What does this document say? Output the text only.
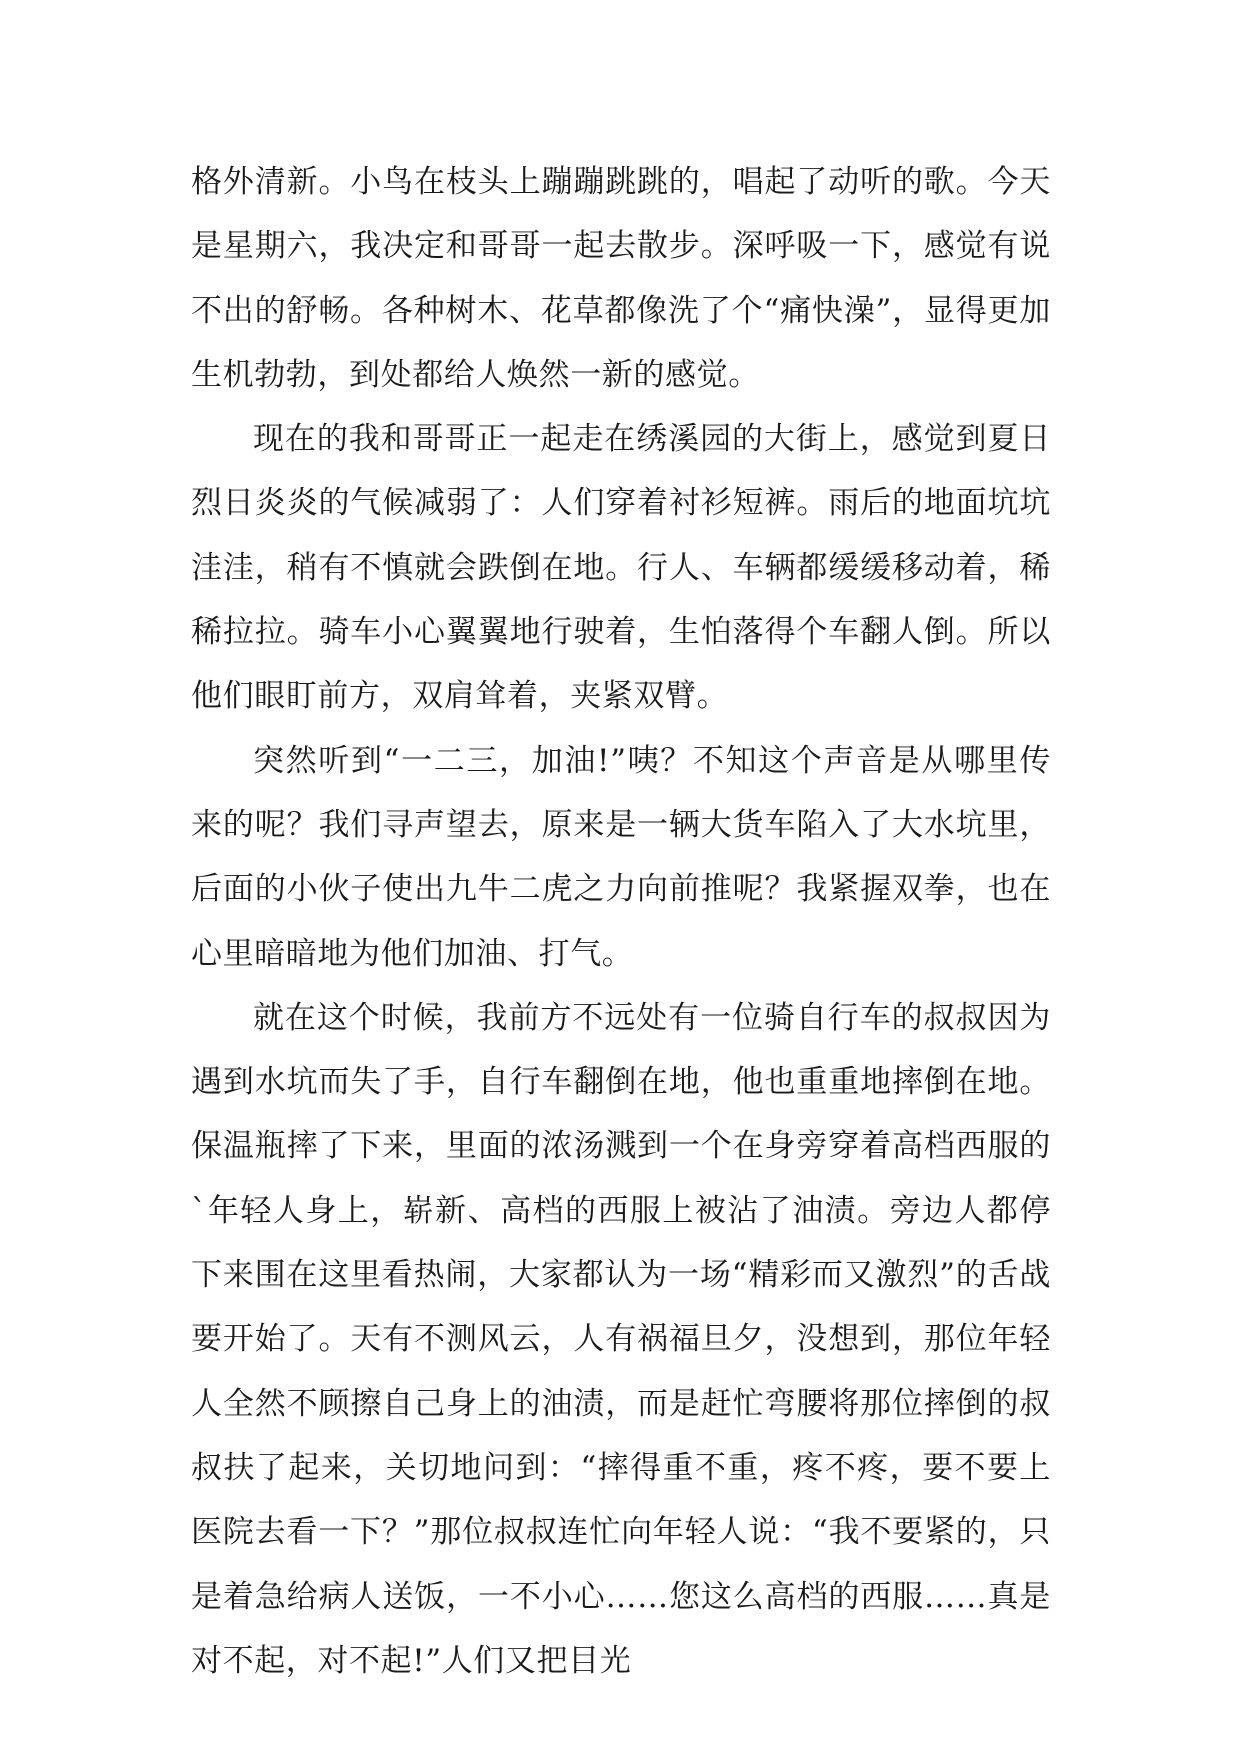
格外清新。小鸟在枝头上蹦蹦跳跳的，唱起了动听的歌。今天是星期六，我决定和哥哥一起去散步。深呼吸一下，感觉有说不出的舒畅。各种树木、花草都像洗了个“痛快澡”，显得更加生机勃勃，到处都给人焕然一新的感觉。

现在的我和哥哥正一起走在绣溪园的大街上，感觉到夏日烈日炎炎的气候减弱了：人们穿着衬衫短裤。雨后的地面坑坑洼洼，稍有不慎就会跌倒在地。行人、车辆都缓缓移动着，稀稀拉拉。骑车小心翼翼地行驶着，生怕落得个车翻人倒。所以他们眼盯前方，双肩耸着，夹紧双臂。

突然听到“一二三，加油!”咦？不知这个声音是从哪里传来的呢？我们寻声望去，原来是一辆大货车陷入了大水坑里，后面的小伙子使出九牛二虎之力向前推呢？我紧握双拳，也在心里暗暗地为他们加油、打气。

就在这个时候，我前方不远处有一位骑自行车的叔叔因为遇到水坑而失了手，自行车翻倒在地，他也重重地摔倒在地。保温瓶摔了下来，里面的浓汤溅到一个在身旁穿着高档西服的`年轻人身上，崭新、高档的西服上被沾了油渍。旁边人都停下来围在这里看热闹，大家都认为一场“精彩而又激烈”的舌战要开始了。天有不测风云，人有祸福旦夕，没想到，那位年轻人全然不顾擦自己身上的油渍，而是赶忙弯腰将那位摔倒的叔叔扶了起来，关切地问到：“摔得重不重，疼不疼，要不要上医院去看一下？”那位叔叔连忙向年轻人说：“我不要紧的，只是着急给病人送饭，一不小心……您这么高档的西服……真是对不起，对不起!”人们又把目光
